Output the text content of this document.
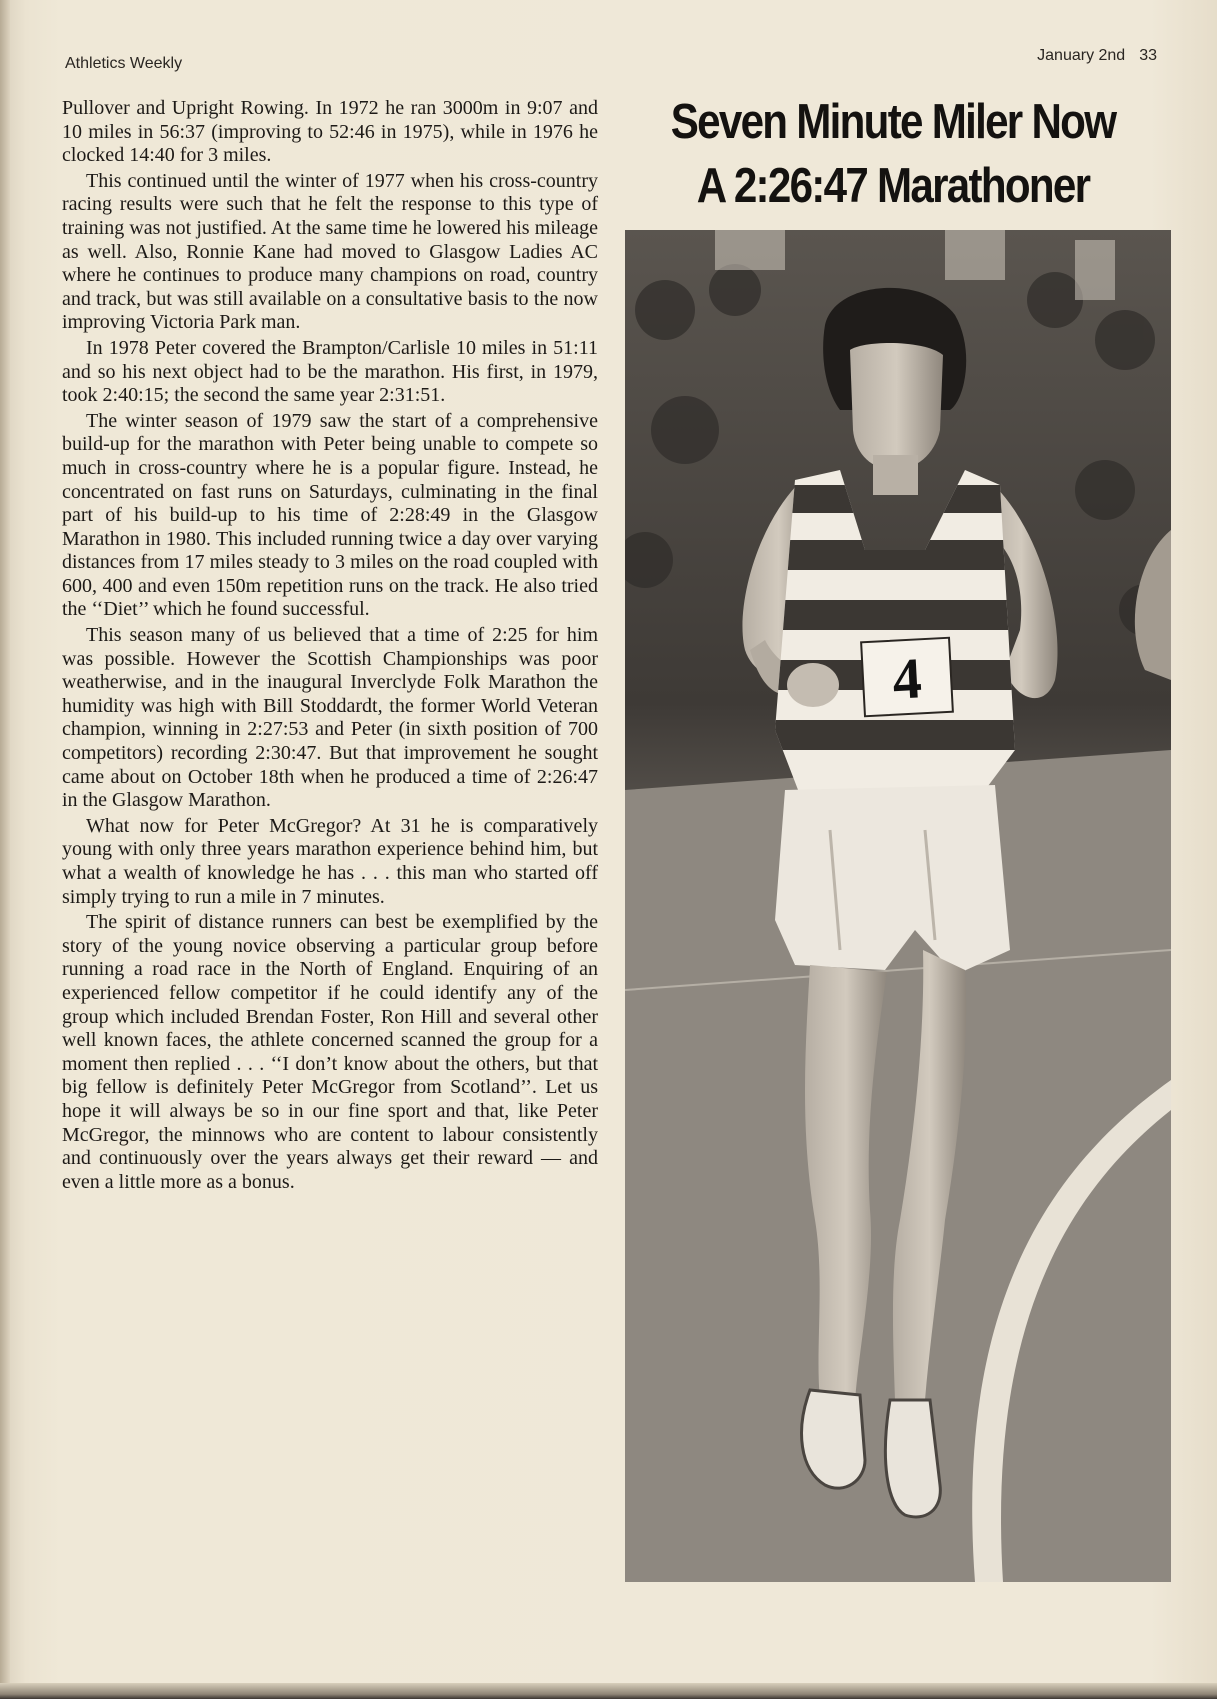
Athletics Weekly	January 2nd 33
Seven Minute Miler Now
A 2:26:47 Marathoner

Pullover and Upright Rowing. In 1972 he ran 3000m in 9:07 and 10 miles in 56:37 (improving to 52:46 in 1975), while in 1976 he clocked 14:40 for 3 miles.

This continued until the winter of 1977 when his cross-country racing results were such that he felt the response to this type of training was not justified. At the same time he lowered his mileage as well. Also, Ronnie Kane had moved to Glasgow Ladies AC where he continues to produce many champions on road, country and track, but was still available on a consultative basis to the now improving Victoria Park man.

In 1978 Peter covered the Brampton/Carlisle 10 miles in 51:11 and so his next object had to be the marathon. His first, in 1979, took 2:40:15; the second the same year 2:31:51.

The winter season of 1979 saw the start of a comprehensive build-up for the marathon with Peter being unable to compete so much in cross-country where he is a popular figure. Instead, he concentrated on fast runs on Saturdays, culminating in the final part of his build-up to his time of 2:28:49 in the Glasgow Marathon in 1980. This included running twice a day over varying distances from 17 miles steady to 3 miles on the road coupled with 600, 400 and even 150m repetition runs on the track. He also tried the ‘‘Diet’’ which he found successful.

This season many of us believed that a time of 2:25 for him was possible. However the Scottish Championships was poor weatherwise, and in the inaugural Inverclyde Folk Marathon the humidity was high with Bill Stoddardt, the former World Veteran champion, winning in 2:27:53 and Peter (in sixth position of 700 competitors) recording 2:30:47. But that improvement he sought came about on October 18th when he produced a time of 2:26:47 in the Glasgow Marathon.

What now for Peter McGregor? At 31 he is comparatively young with only three years marathon experience behind him, but what a wealth of knowledge he has . . . this man who started off simply trying to run a mile in 7 minutes.

The spirit of distance runners can best be exemplified by the story of the young novice observing a particular group before running a road race in the North of England. Enquiring of an experienced fellow competitor if he could identify any of the group which included Brendan Foster, Ron Hill and several other well known faces, the athlete concerned scanned the group for a moment then replied . . . ‘‘I don’t know about the others, but that big fellow is definitely Peter McGregor from Scotland’’. Let us hope it will always be so in our fine sport and that, like Peter McGregor, the minnows who are content to labour consistently and continuously over the years always get their reward — and even a little more as a bonus.

4
